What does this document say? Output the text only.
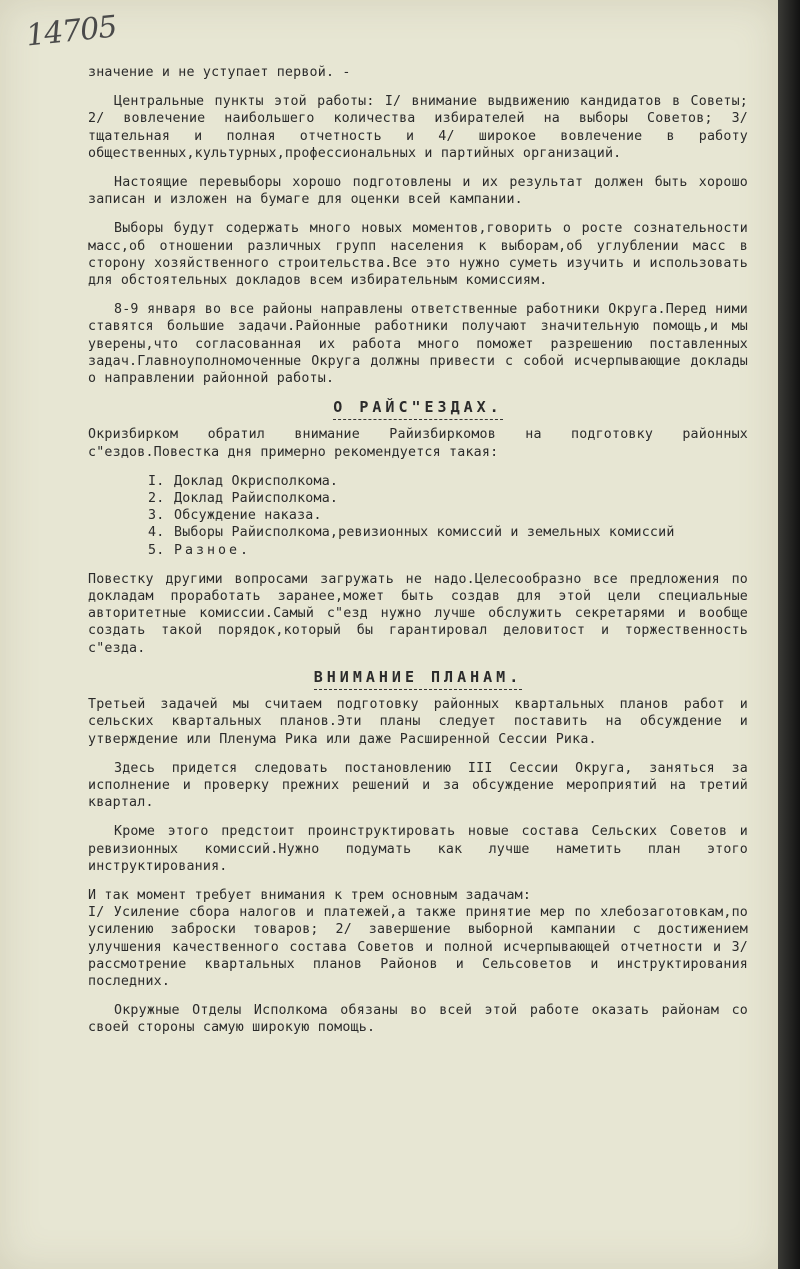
14705

значение и не уступает первой. -

Центральные пункты этой работы: I/ внимание выдвижению кандидатов в Советы; 2/ вовлечение наибольшего количества избирателей на выборы Советов; 3/ тщательная и полная отчетность и 4/ широкое вовлечение в работу общественных,культурных,профессиональных и партийных организаций.

Настоящие перевыборы хорошо подготовлены и их результат должен быть хорошо записан и изложен на бумаге для оценки всей кампании.

Выборы будут содержать много новых моментов,говорить о росте сознательности масс,об отношении различных групп населения к выборам,об углублении масс в сторону хозяйственного строительства.Все это нужно суметь изучить и использовать для обстоятельных докладов всем избирательным комиссиям.

8-9 января во все районы направлены ответственные работники Округа.Перед ними ставятся большие задачи.Районные работники получают значительную помощь,и мы уверены,что согласованная их работа много поможет разрешению поставленных задач.Главноуполномоченные Округа должны привести с собой исчерпывающие доклады о направлении районной работы.

О РАЙС"ЕЗДАХ.

Окризбирком обратил внимание Райизбиркомов на подготовку районных с"ездов.Повестка дня примерно рекомендуется такая:

I. Доклад Окрисполкома.
2. Доклад Райисполкома.
3. Обсуждение наказа.
4. Выборы Райисполкома,ревизионных комиссий и земельных комиссий
5. Разное.

Повестку другими вопросами загружать не надо.Целесообразно все предложения по докладам проработать заранее,может быть создав для этой цели специальные авторитетные комиссии.Самый с"езд нужно лучше обслужить секретарями и вообще создать такой порядок,который бы гарантировал деловитост и торжественность с"езда.

ВНИМАНИЕ ПЛАНАМ.

Третьей задачей мы считаем подготовку районных квартальных планов работ и сельских квартальных планов.Эти планы следует поставить на обсуждение и утверждение или Пленума Рика или даже Расширенной Сессии Рика.

Здесь придется следовать постановлению III Сессии Округа, заняться за исполнение и проверку прежних решений и за обсуждение мероприятий на третий квартал.

Кроме этого предстоит проинструктировать новые состава Сельских Советов и ревизионных комиссий.Нужно подумать как лучше наметить план этого инструктирования.

И так момент требует внимания к трем основным задачам:
I/ Усиление сбора налогов и платежей,а также принятие мер по хлебозаготовкам,по усилению заброски товаров; 2/ завершение выборной кампании с достижением улучшения качественного состава Советов и полной исчерпывающей отчетности и 3/ рассмотрение квартальных планов Районов и Сельсоветов и инструктирования последних.

Окружные Отделы Исполкома обязаны во всей этой работе оказать районам со своей стороны самую широкую помощь.
